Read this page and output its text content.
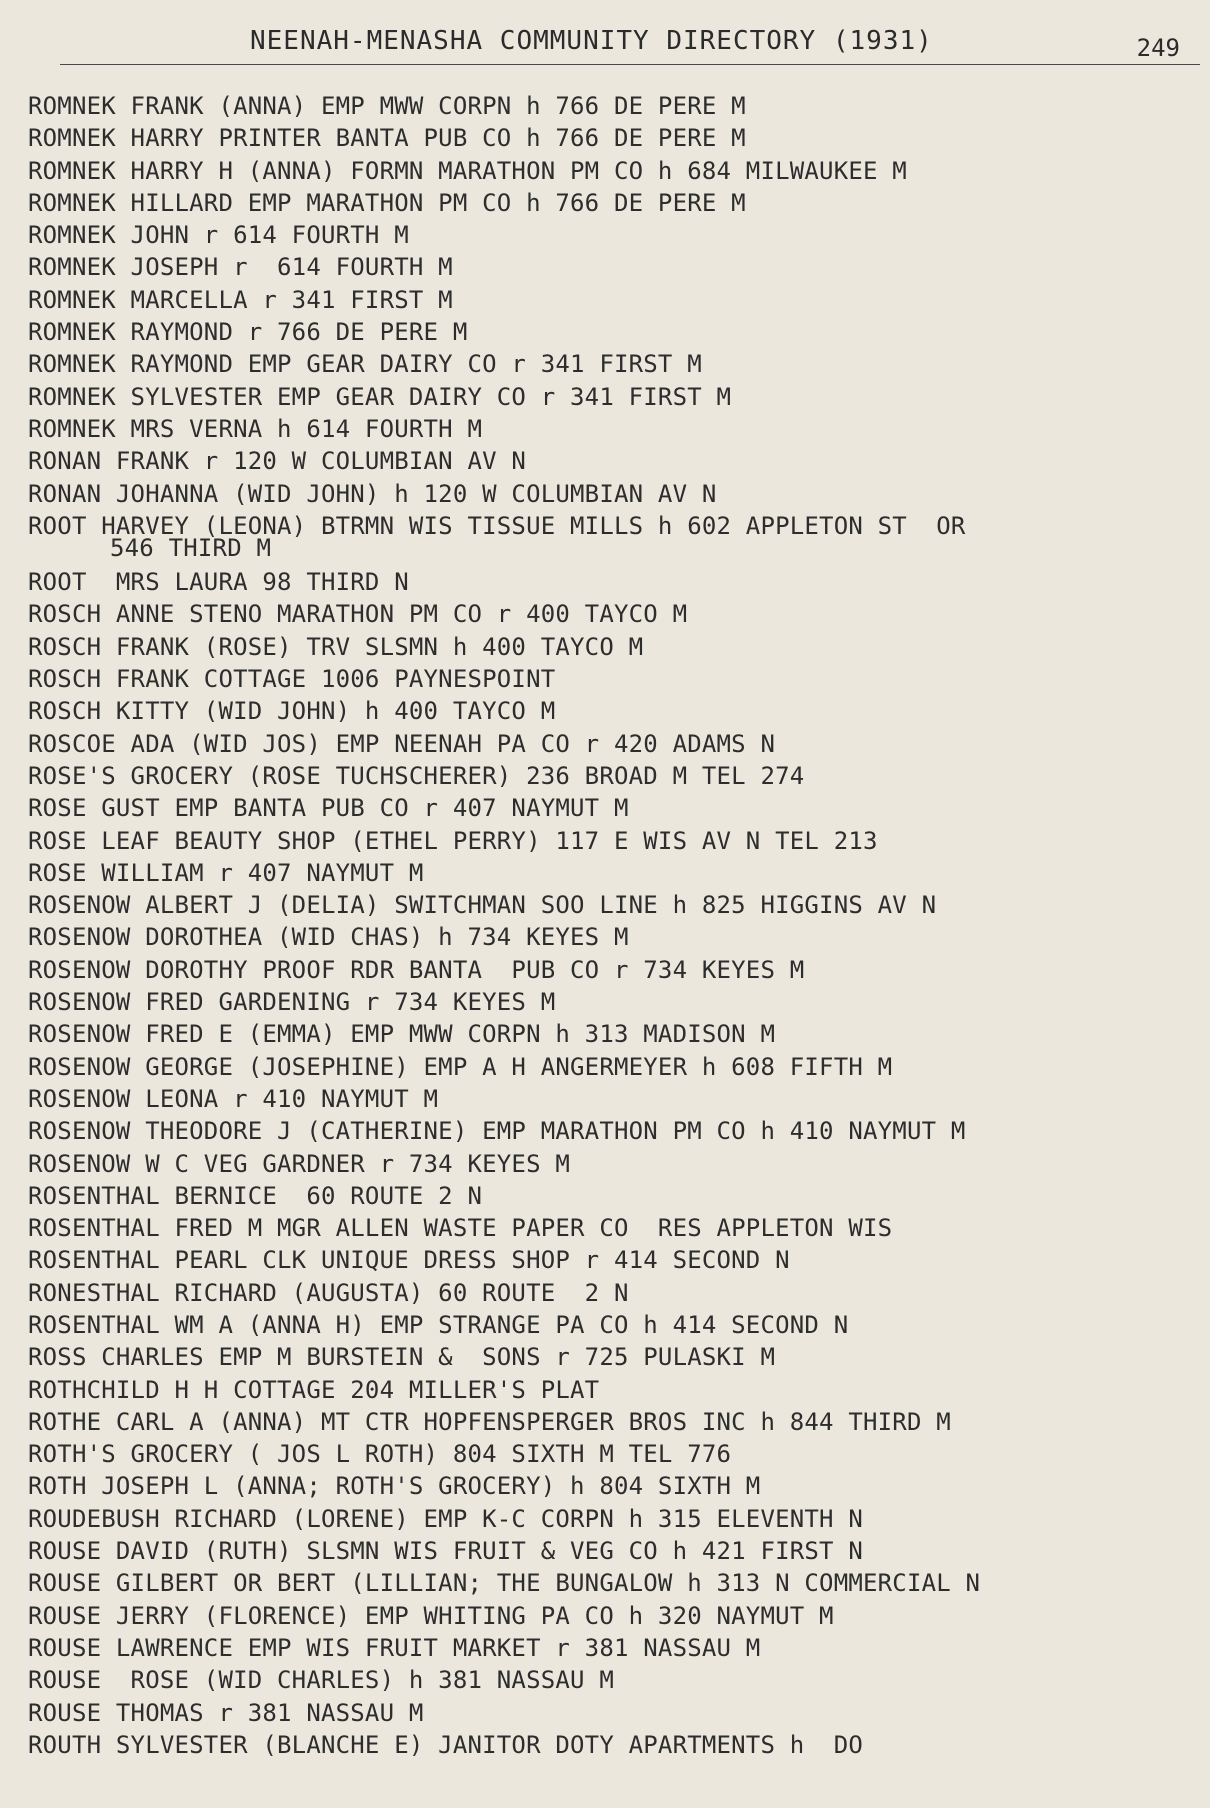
NEENAH-MENASHA COMMUNITY DIRECTORY (1931)	249
ROMNEK FRANK (ANNA) EMP MWW CORPN h 766 DE PERE M
ROMNEK HARRY PRINTER BANTA PUB CO h 766 DE PERE M
ROMNEK HARRY H (ANNA) FORMN MARATHON PM CO h 684 MILWAUKEE M
ROMNEK HILLARD EMP MARATHON PM CO h 766 DE PERE M
ROMNEK JOHN r 614 FOURTH M
ROMNEK JOSEPH r  614 FOURTH M
ROMNEK MARCELLA r 341 FIRST M
ROMNEK RAYMOND r 766 DE PERE M
ROMNEK RAYMOND EMP GEAR DAIRY CO r 341 FIRST M
ROMNEK SYLVESTER EMP GEAR DAIRY CO r 341 FIRST M
ROMNEK MRS VERNA h 614 FOURTH M
RONAN FRANK r 120 W COLUMBIAN AV N
RONAN JOHANNA (WID JOHN) h 120 W COLUMBIAN AV N
ROOT HARVEY (LEONA) BTRMN WIS TISSUE MILLS h 602 APPLETON ST  OR
546 THIRD M
ROOT  MRS LAURA 98 THIRD N
ROSCH ANNE STENO MARATHON PM CO r 400 TAYCO M
ROSCH FRANK (ROSE) TRV SLSMN h 400 TAYCO M
ROSCH FRANK COTTAGE 1006 PAYNESPOINT
ROSCH KITTY (WID JOHN) h 400 TAYCO M
ROSCOE ADA (WID JOS) EMP NEENAH PA CO r 420 ADAMS N
ROSE'S GROCERY (ROSE TUCHSCHERER) 236 BROAD M TEL 274
ROSE GUST EMP BANTA PUB CO r 407 NAYMUT M
ROSE LEAF BEAUTY SHOP (ETHEL PERRY) 117 E WIS AV N TEL 213
ROSE WILLIAM r 407 NAYMUT M
ROSENOW ALBERT J (DELIA) SWITCHMAN SOO LINE h 825 HIGGINS AV N
ROSENOW DOROTHEA (WID CHAS) h 734 KEYES M
ROSENOW DOROTHY PROOF RDR BANTA  PUB CO r 734 KEYES M
ROSENOW FRED GARDENING r 734 KEYES M
ROSENOW FRED E (EMMA) EMP MWW CORPN h 313 MADISON M
ROSENOW GEORGE (JOSEPHINE) EMP A H ANGERMEYER h 608 FIFTH M
ROSENOW LEONA r 410 NAYMUT M
ROSENOW THEODORE J (CATHERINE) EMP MARATHON PM CO h 410 NAYMUT M
ROSENOW W C VEG GARDNER r 734 KEYES M
ROSENTHAL BERNICE  60 ROUTE 2 N
ROSENTHAL FRED M MGR ALLEN WASTE PAPER CO  RES APPLETON WIS
ROSENTHAL PEARL CLK UNIQUE DRESS SHOP r 414 SECOND N
RONESTHAL RICHARD (AUGUSTA) 60 ROUTE  2 N
ROSENTHAL WM A (ANNA H) EMP STRANGE PA CO h 414 SECOND N
ROSS CHARLES EMP M BURSTEIN &  SONS r 725 PULASKI M
ROTHCHILD H H COTTAGE 204 MILLER'S PLAT
ROTHE CARL A (ANNA) MT CTR HOPFENSPERGER BROS INC h 844 THIRD M
ROTH'S GROCERY ( JOS L ROTH) 804 SIXTH M TEL 776
ROTH JOSEPH L (ANNA; ROTH'S GROCERY) h 804 SIXTH M
ROUDEBUSH RICHARD (LORENE) EMP K-C CORPN h 315 ELEVENTH N
ROUSE DAVID (RUTH) SLSMN WIS FRUIT & VEG CO h 421 FIRST N
ROUSE GILBERT OR BERT (LILLIAN; THE BUNGALOW h 313 N COMMERCIAL N
ROUSE JERRY (FLORENCE) EMP WHITING PA CO h 320 NAYMUT M
ROUSE LAWRENCE EMP WIS FRUIT MARKET r 381 NASSAU M
ROUSE  ROSE (WID CHARLES) h 381 NASSAU M
ROUSE THOMAS r 381 NASSAU M
ROUTH SYLVESTER (BLANCHE E) JANITOR DOTY APARTMENTS h  DO
